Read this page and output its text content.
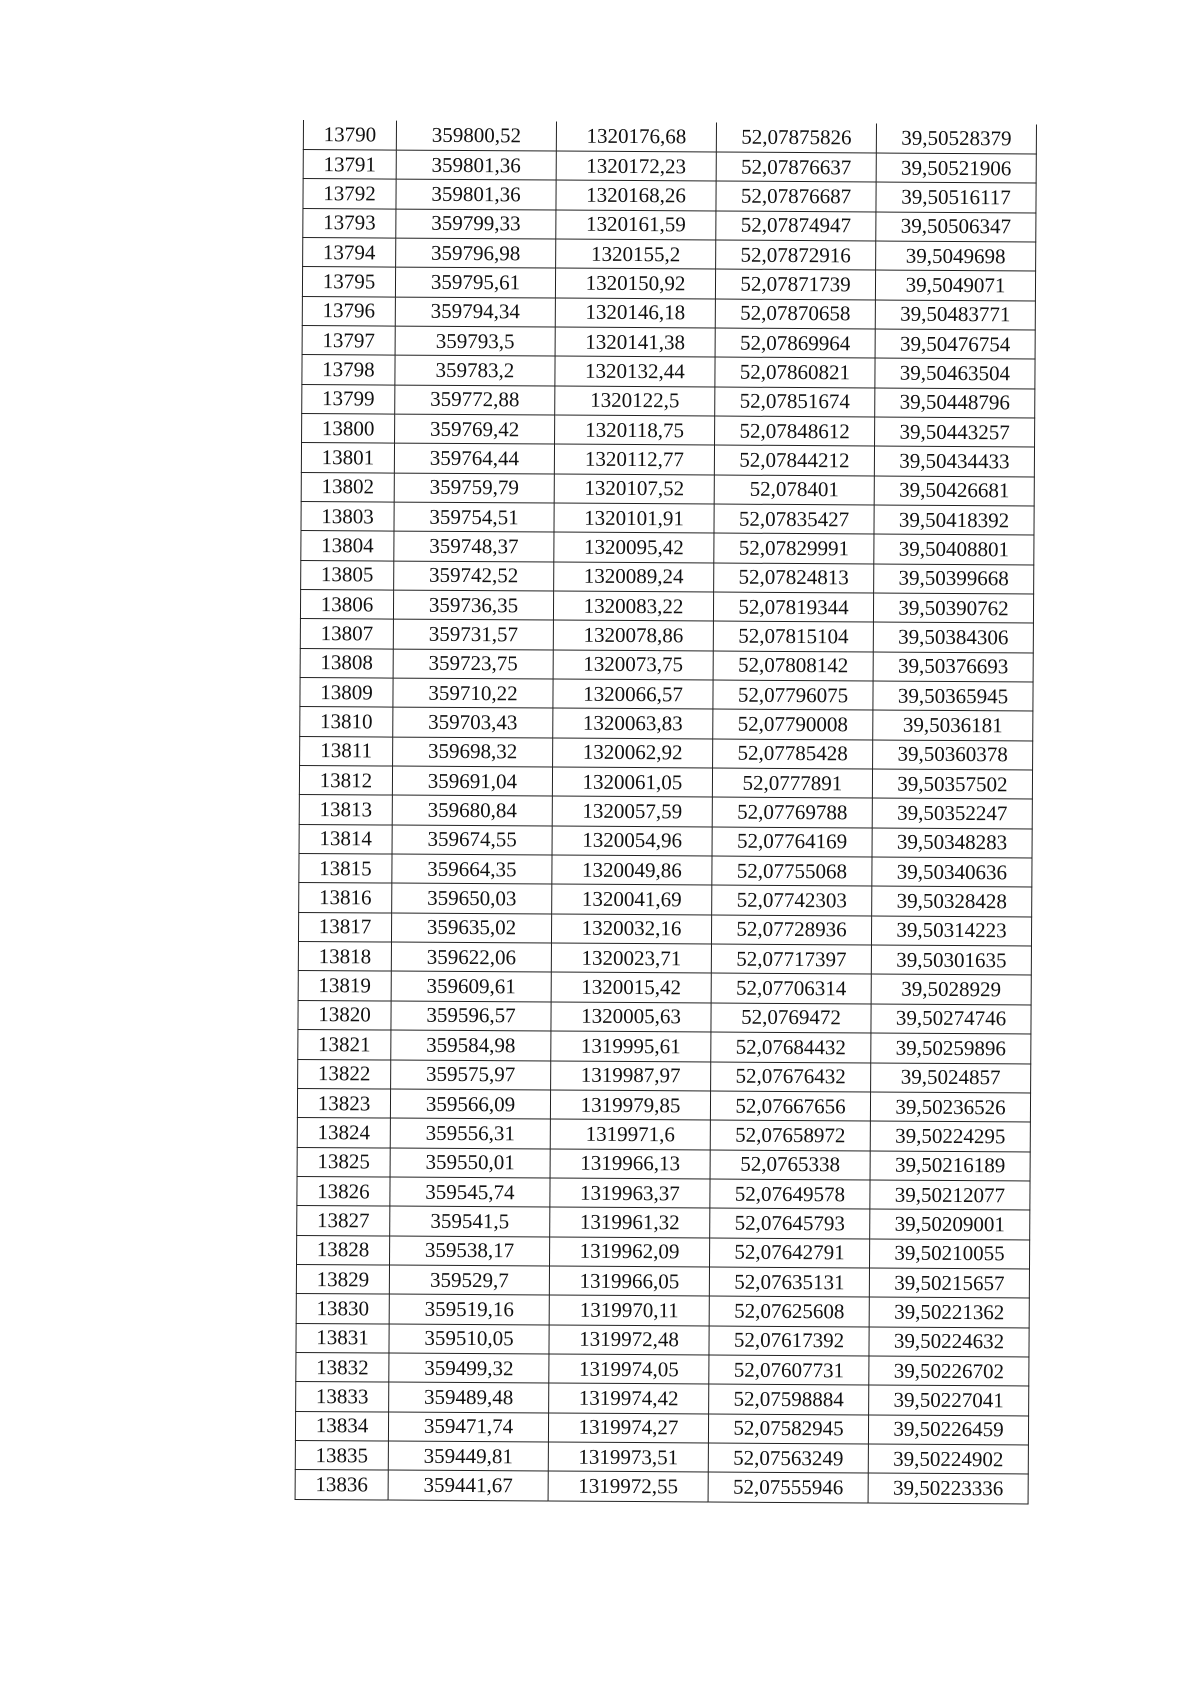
13790	359800,52	1320176,68	52,07875826	39,50528379
13791	359801,36	1320172,23	52,07876637	39,50521906
13792	359801,36	1320168,26	52,07876687	39,50516117
13793	359799,33	1320161,59	52,07874947	39,50506347
13794	359796,98	1320155,2	52,07872916	39,5049698
13795	359795,61	1320150,92	52,07871739	39,5049071
13796	359794,34	1320146,18	52,07870658	39,50483771
13797	359793,5	1320141,38	52,07869964	39,50476754
13798	359783,2	1320132,44	52,07860821	39,50463504
13799	359772,88	1320122,5	52,07851674	39,50448796
13800	359769,42	1320118,75	52,07848612	39,50443257
13801	359764,44	1320112,77	52,07844212	39,50434433
13802	359759,79	1320107,52	52,078401	39,50426681
13803	359754,51	1320101,91	52,07835427	39,50418392
13804	359748,37	1320095,42	52,07829991	39,50408801
13805	359742,52	1320089,24	52,07824813	39,50399668
13806	359736,35	1320083,22	52,07819344	39,50390762
13807	359731,57	1320078,86	52,07815104	39,50384306
13808	359723,75	1320073,75	52,07808142	39,50376693
13809	359710,22	1320066,57	52,07796075	39,50365945
13810	359703,43	1320063,83	52,07790008	39,5036181
13811	359698,32	1320062,92	52,07785428	39,50360378
13812	359691,04	1320061,05	52,0777891	39,50357502
13813	359680,84	1320057,59	52,07769788	39,50352247
13814	359674,55	1320054,96	52,07764169	39,50348283
13815	359664,35	1320049,86	52,07755068	39,50340636
13816	359650,03	1320041,69	52,07742303	39,50328428
13817	359635,02	1320032,16	52,07728936	39,50314223
13818	359622,06	1320023,71	52,07717397	39,50301635
13819	359609,61	1320015,42	52,07706314	39,5028929
13820	359596,57	1320005,63	52,0769472	39,50274746
13821	359584,98	1319995,61	52,07684432	39,50259896
13822	359575,97	1319987,97	52,07676432	39,5024857
13823	359566,09	1319979,85	52,07667656	39,50236526
13824	359556,31	1319971,6	52,07658972	39,50224295
13825	359550,01	1319966,13	52,0765338	39,50216189
13826	359545,74	1319963,37	52,07649578	39,50212077
13827	359541,5	1319961,32	52,07645793	39,50209001
13828	359538,17	1319962,09	52,07642791	39,50210055
13829	359529,7	1319966,05	52,07635131	39,50215657
13830	359519,16	1319970,11	52,07625608	39,50221362
13831	359510,05	1319972,48	52,07617392	39,50224632
13832	359499,32	1319974,05	52,07607731	39,50226702
13833	359489,48	1319974,42	52,07598884	39,50227041
13834	359471,74	1319974,27	52,07582945	39,50226459
13835	359449,81	1319973,51	52,07563249	39,50224902
13836	359441,67	1319972,55	52,07555946	39,50223336
